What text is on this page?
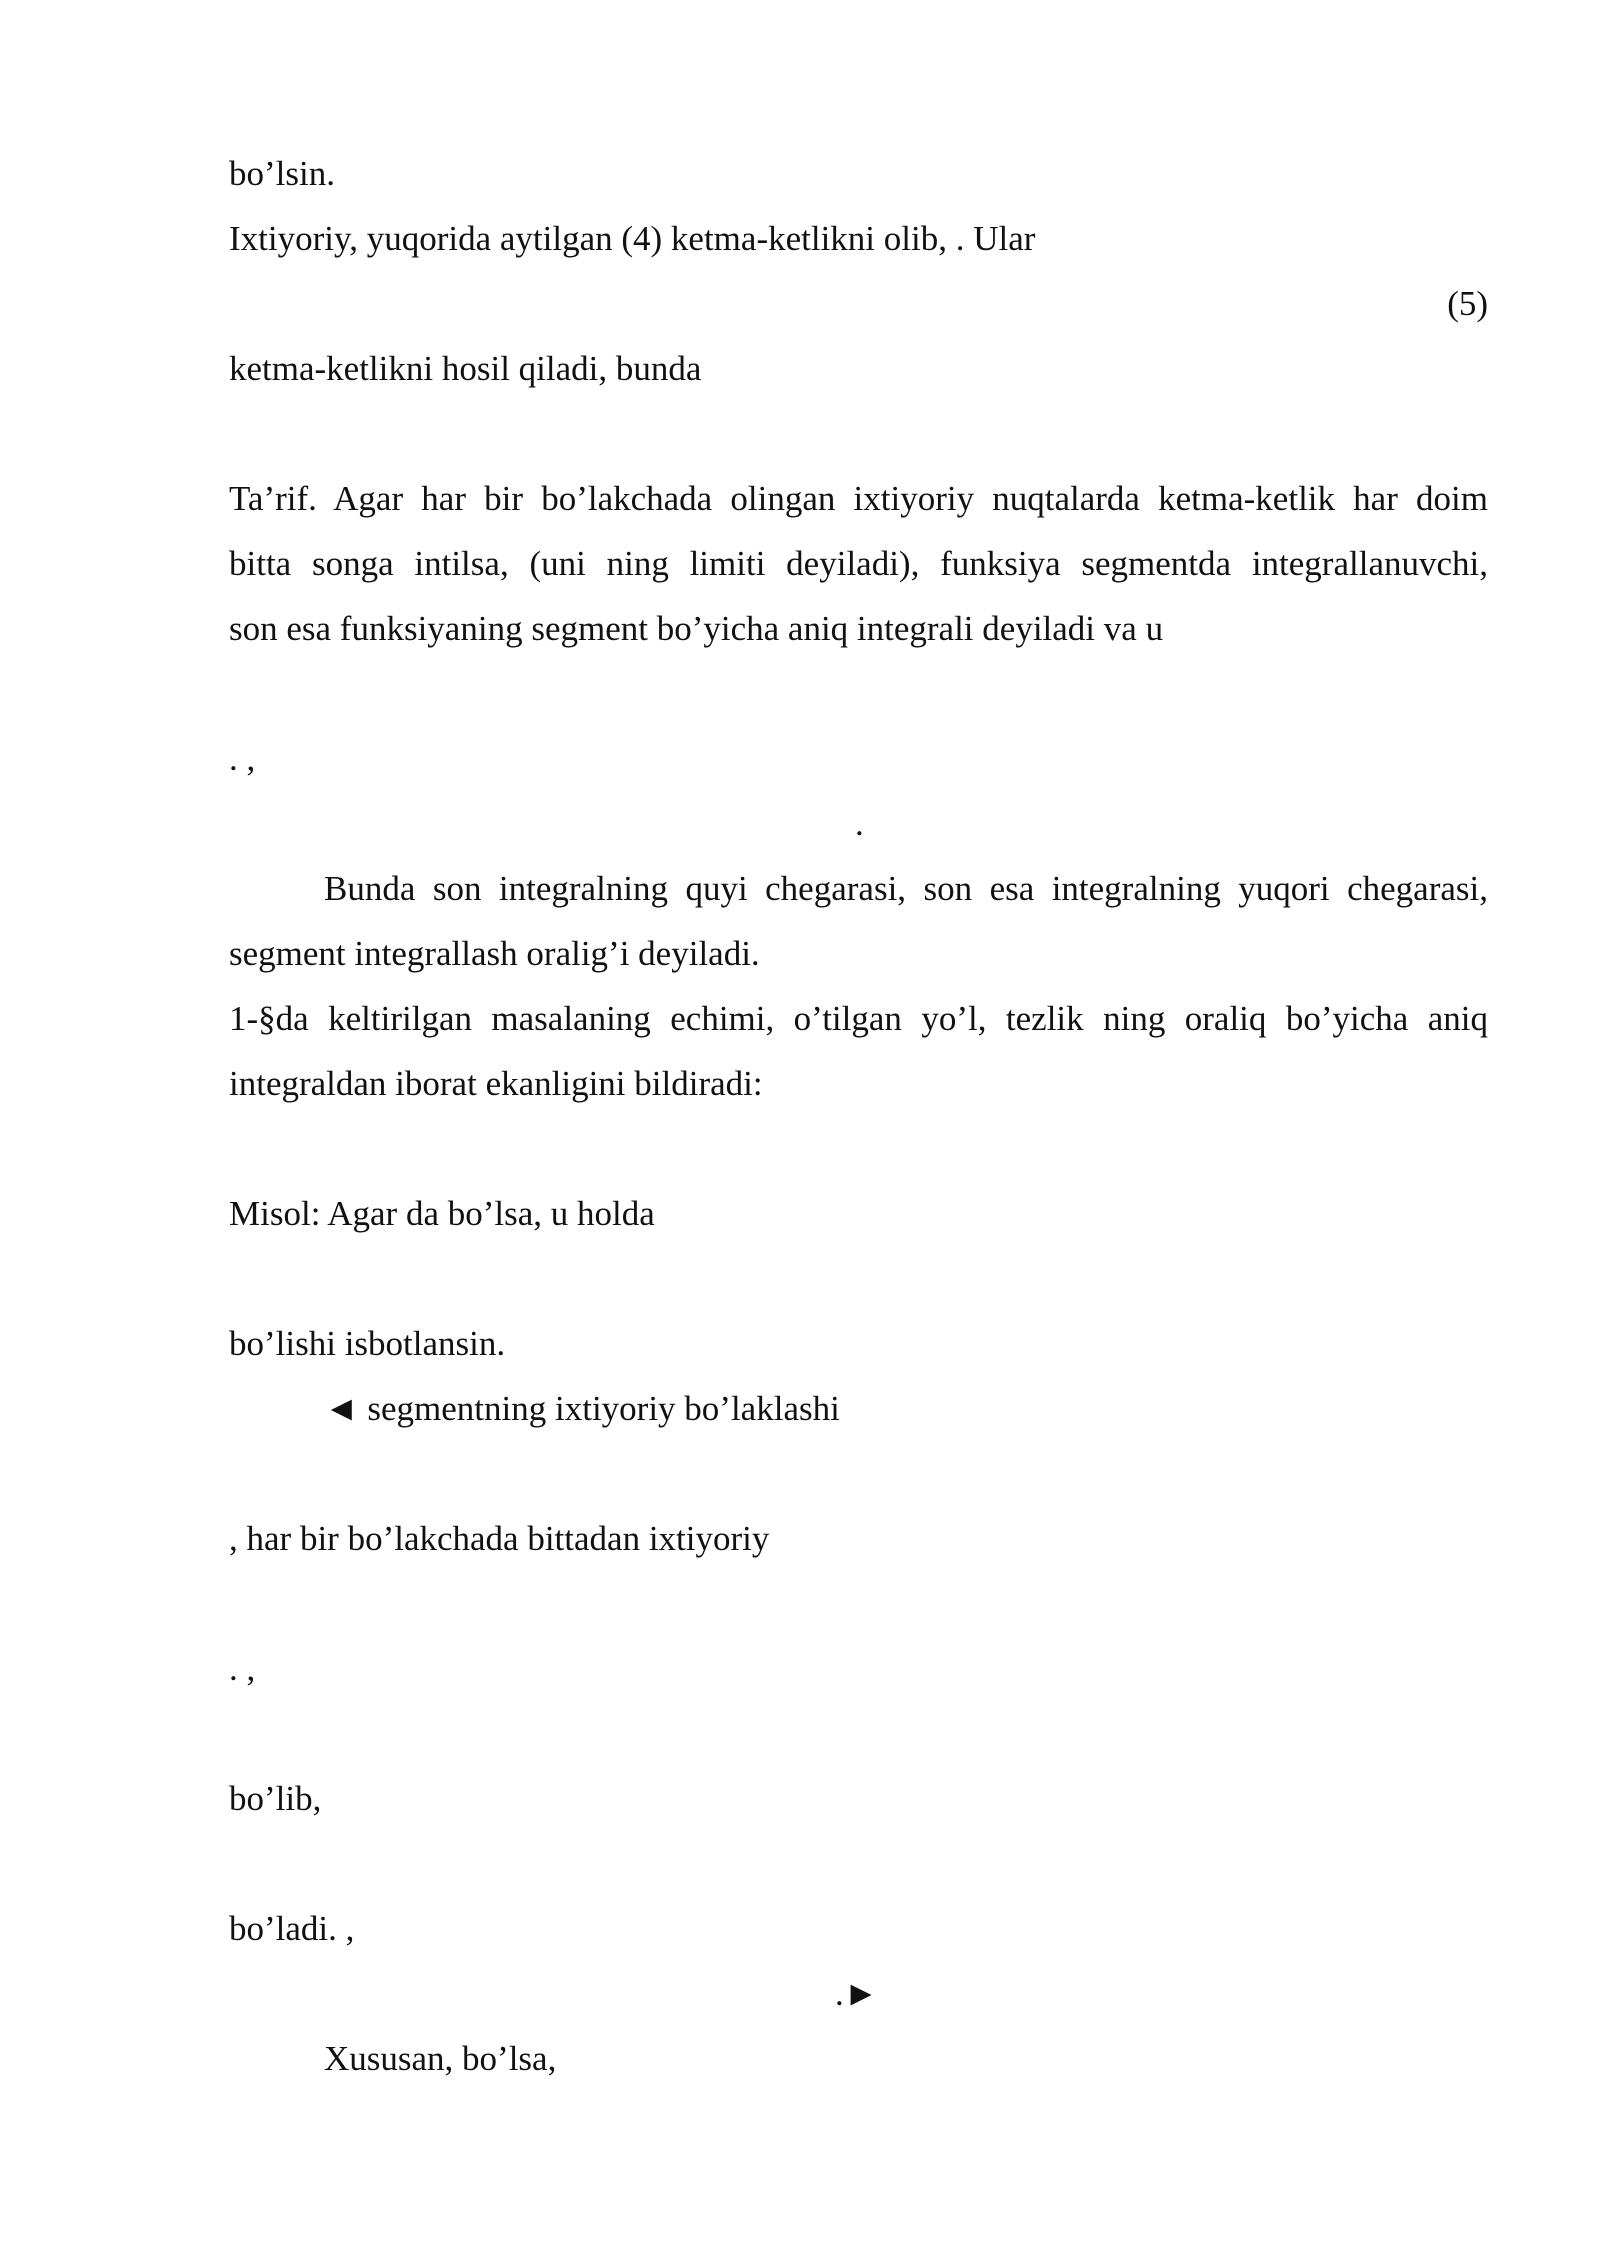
bo’lsin.

Ixtiyoriy, yuqorida aytilgan (4) ketma-ketlikni olib, . Ular

(5)

ketma-ketlikni hosil qiladi, bunda

Ta’rif. Agar har bir bo’lakchada olingan ixtiyoriy nuqtalarda ketma-ketlik har doim

bitta songa intilsa, (uni ning limiti deyiladi), funksiya segmentda integrallanuvchi,

son esa funksiyaning segment bo’yicha aniq integrali deyiladi va u

. ,

.

Bunda son integralning quyi chegarasi, son esa integralning yuqori chegarasi,

segment integrallash oralig’i deyiladi.

1-§da keltirilgan masalaning echimi, o’tilgan yo’l, tezlik ning oraliq bo’yicha aniq

integraldan iborat ekanligini bildiradi:

Misol: Agar da bo’lsa, u holda

bo’lishi isbotlansin.

◄ segmentning ixtiyoriy bo’laklashi

, har bir bo’lakchada bittadan ixtiyoriy

. ,

bo’lib,

bo’ladi. ,

.►

Xususan, bo’lsa,
